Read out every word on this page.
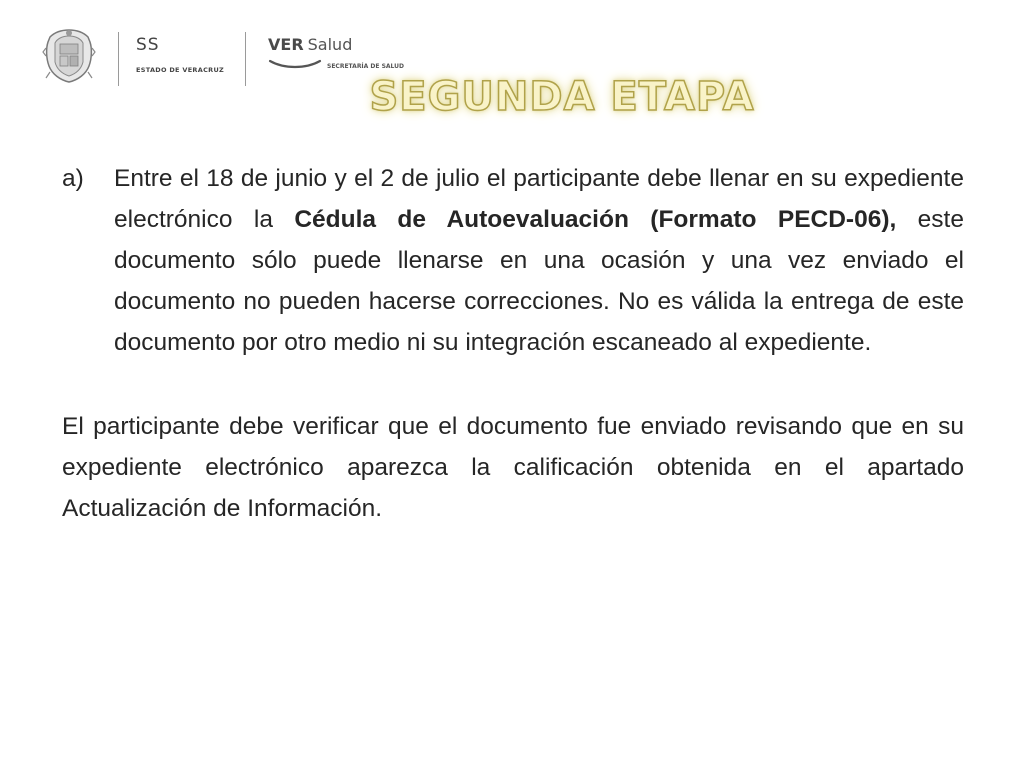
SS
ESTADO DE VERACRUZ
VER Salud
SECRETARÍA DE SALUD
SEGUNDA ETAPA
a) Entre el 18 de junio y el 2 de julio el participante debe llenar en su expediente electrónico la Cédula de Autoevaluación (Formato PECD-06), este documento sólo puede llenarse en una ocasión y una vez enviado el documento no pueden hacerse correcciones. No es válida la entrega de este documento por otro medio ni su integración escaneado al expediente.
El participante debe verificar que el documento fue enviado revisando que en su expediente electrónico aparezca la calificación obtenida en el apartado Actualización de Información.
